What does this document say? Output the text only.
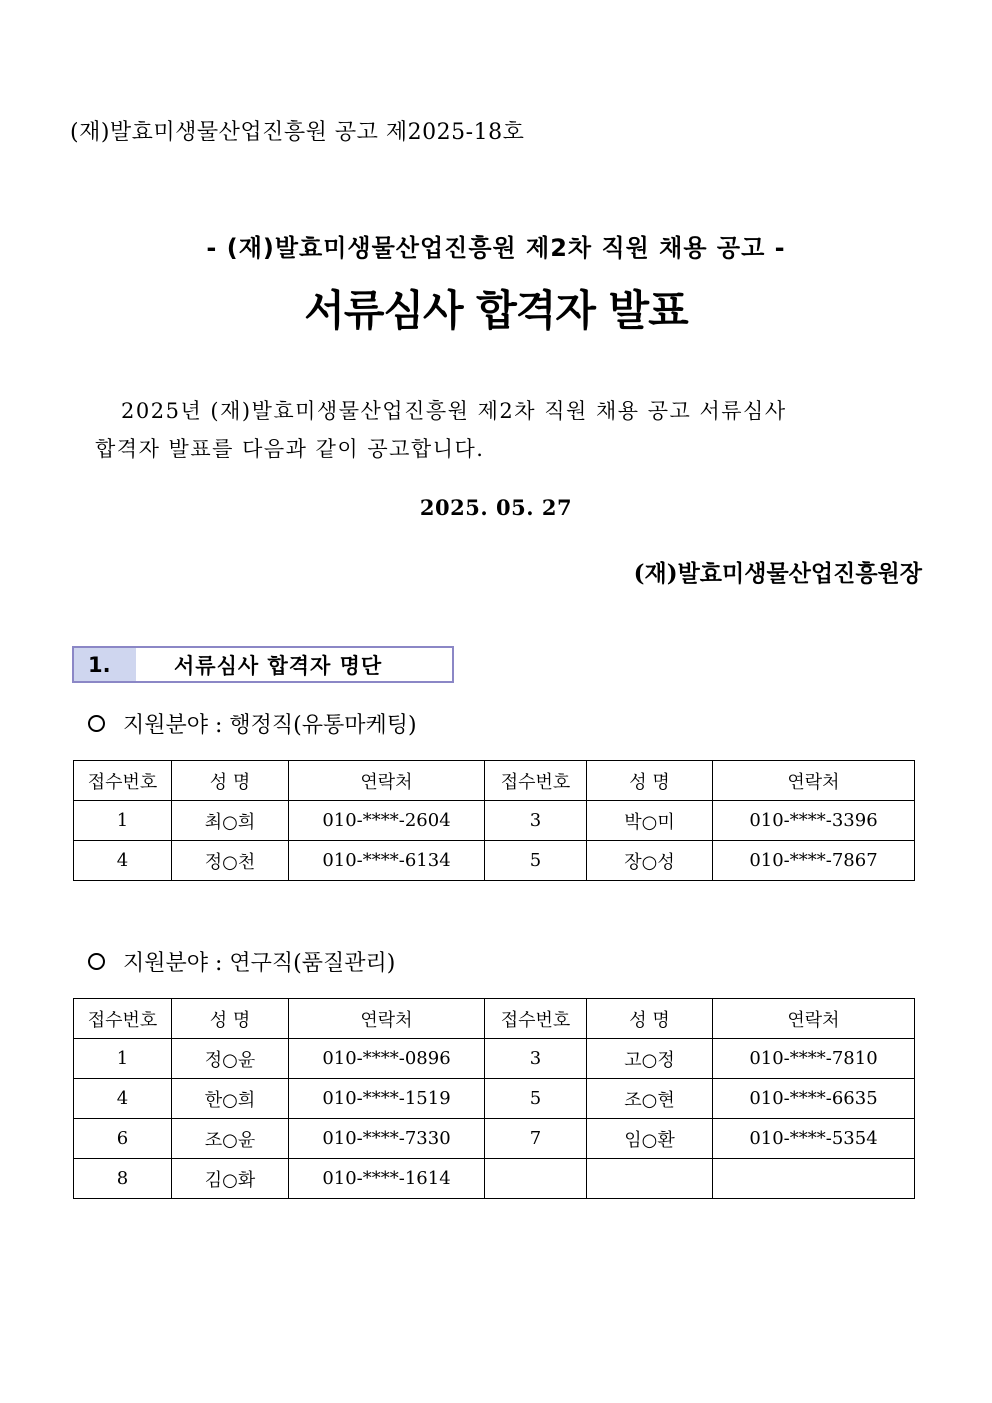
(재)발효미생물산업진흥원 공고 제2025-18호
- (재)발효미생물산업진흥원 제2차 직원 채용 공고 -
서류심사 합격자 발표
2025년 (재)발효미생물산업진흥원 제2차 직원 채용 공고 서류심사
합격자 발표를 다음과 같이 공고합니다.
2025. 05. 27
(재)발효미생물산업진흥원장
1.	서류심사 합격자 명단
지원분야 : 행정직(유통마케팅)
접수번호	성 명	연락처	접수번호	성 명	연락처
1	최○희	010-****-2604	3	박○미	010-****-3396
4	정○천	010-****-6134	5	장○성	010-****-7867
지원분야 : 연구직(품질관리)
접수번호	성 명	연락처	접수번호	성 명	연락처
1	정○윤	010-****-0896	3	고○정	010-****-7810
4	한○희	010-****-1519	5	조○현	010-****-6635
6	조○윤	010-****-7330	7	임○환	010-****-5354
8	김○화	010-****-1614			
